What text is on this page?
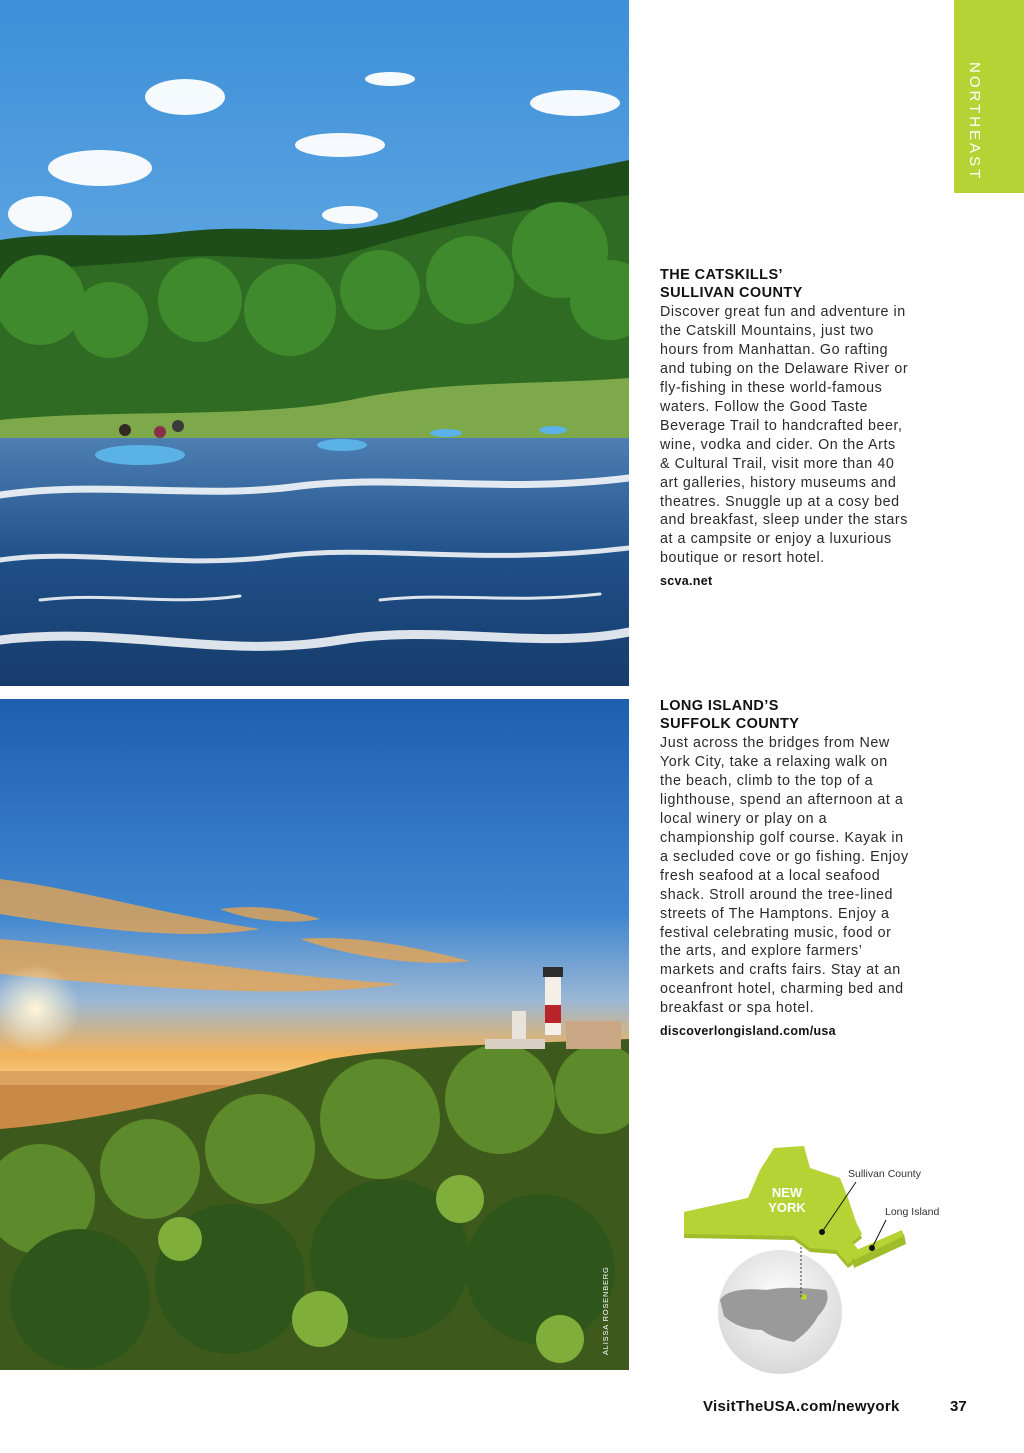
NORTHEAST
THE CATSKILLS’
SULLIVAN COUNTY

Discover great fun and adventure in the Catskill Mountains, just two hours from Manhattan. Go rafting and tubing on the Delaware River or fly-fishing in these world-famous waters. Follow the Good Taste Beverage Trail to handcrafted beer, wine, vodka and cider. On the Arts & Cultural Trail, visit more than 40 art galleries, history museums and theatres. Snuggle up at a cosy bed and breakfast, sleep under the stars at a campsite or enjoy a luxurious boutique or resort hotel.

scva.net
LONG ISLAND’S
SUFFOLK COUNTY

Just across the bridges from New York City, take a relaxing walk on the beach, climb to the top of a lighthouse, spend an afternoon at a local winery or play on a championship golf course. Kayak in a secluded cove or go fishing. Enjoy fresh seafood at a local seafood shack. Stroll around the tree-lined streets of The Hamptons. Enjoy a festival celebrating music, food or the arts, and explore farmers’ markets and crafts fairs. Stay at an oceanfront hotel, charming bed and breakfast or spa hotel.

discoverlongisland.com/usa
NEW
YORK
Sullivan County
Long Island
ALISSA ROSENBERG
VisitTheUSA.com/newyork	37
